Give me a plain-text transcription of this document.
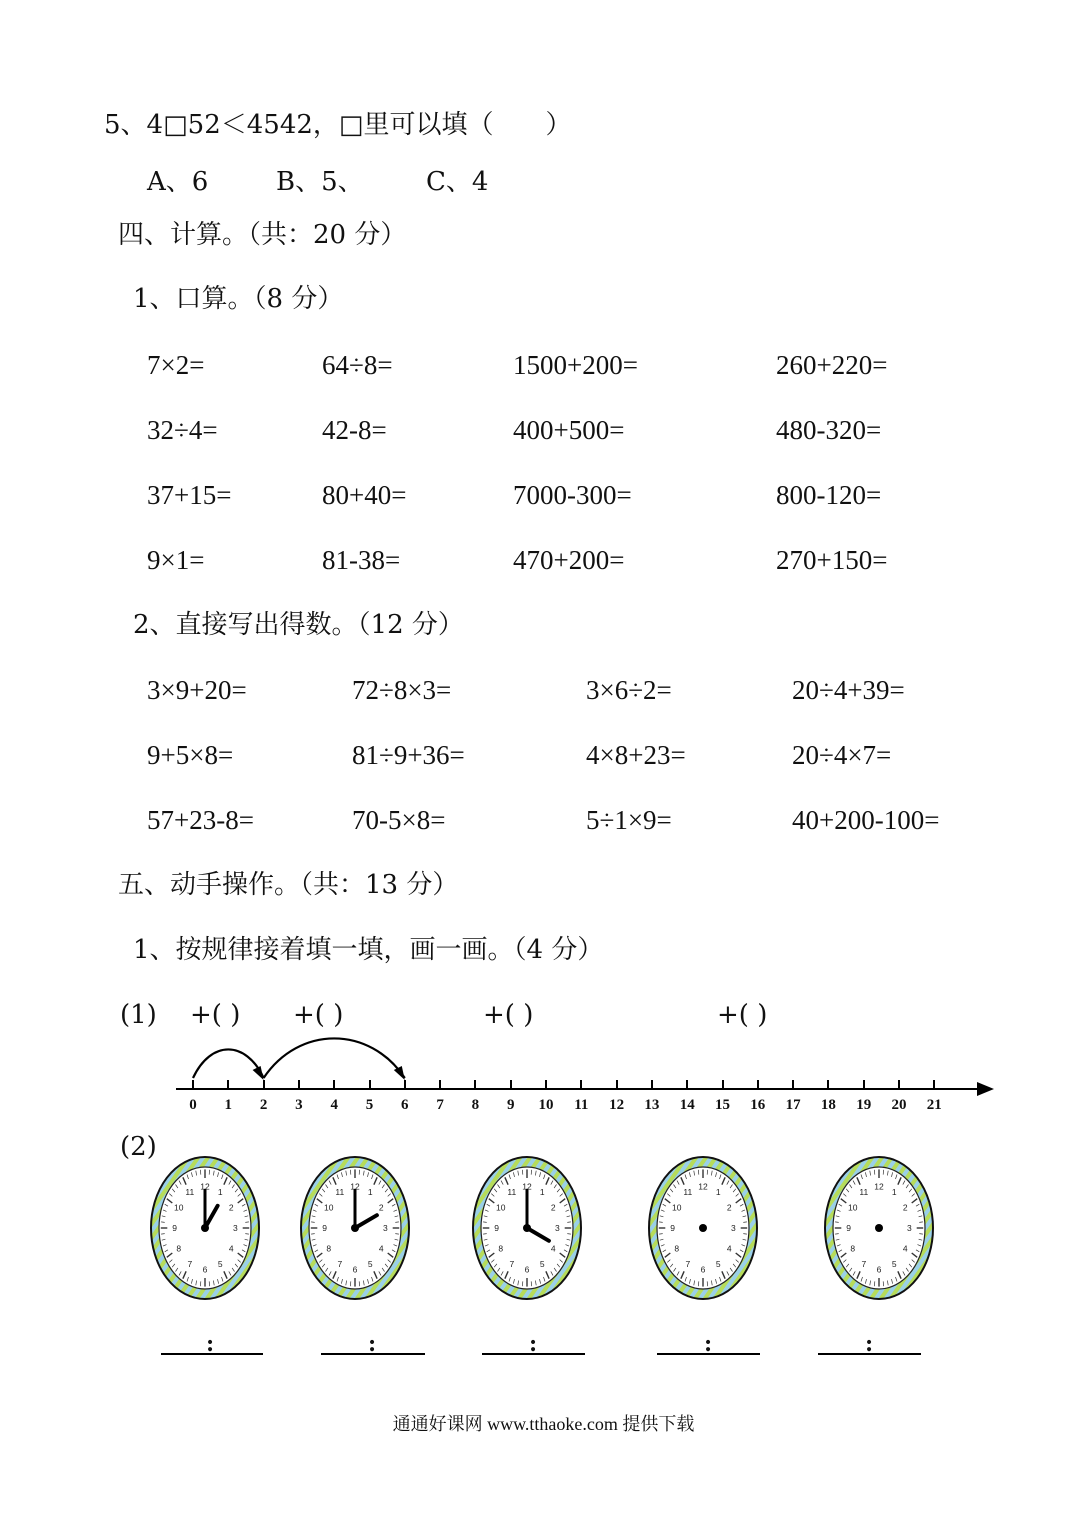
5、4□52＜4542，□里可以填（　　）
A、6	B、5、 C、4
四、计算。（共：20 分）
1、口算。（8 分）
7×2=	64÷8=	1500+200=	260+220=
32÷4=	42-8=	400+500=	480-320=
37+15=	80+40=	7000-300=	800-120=
9×1=	81-38=	470+200=	270+150=
2、直接写出得数。（12 分）
3×9+20=	72÷8×3=	3×6÷2=	20÷4+39=
9+5×8=	81÷9+36=	4×8+23=	20÷4×7=
57+23-8=	70-5×8=	5÷1×9=	40+200-100=
五、动手操作。（共：13 分）
1、按规律接着填一填，画一画。（4 分）
(1) +( ) +( )	+( )	+( )
0 1 2 3 4 5 6 7 8 9 10 11 12 13 14 15 16 17 18 19 20 21
(2)
1
2
3
4
5
6
7
8
9
10
11
12
1
2
3
4
5
6
7
8
9
10
11
12
1
2
3
4
5
6
7
8
9
10
11
12
1
2
3
4
5
6
7
8
9
10
11
12
1
2
3
4
5
6
7
8
9
10
11
12
:	:	:	:	:
通通好课网 www.tthaoke.com 提供下载
